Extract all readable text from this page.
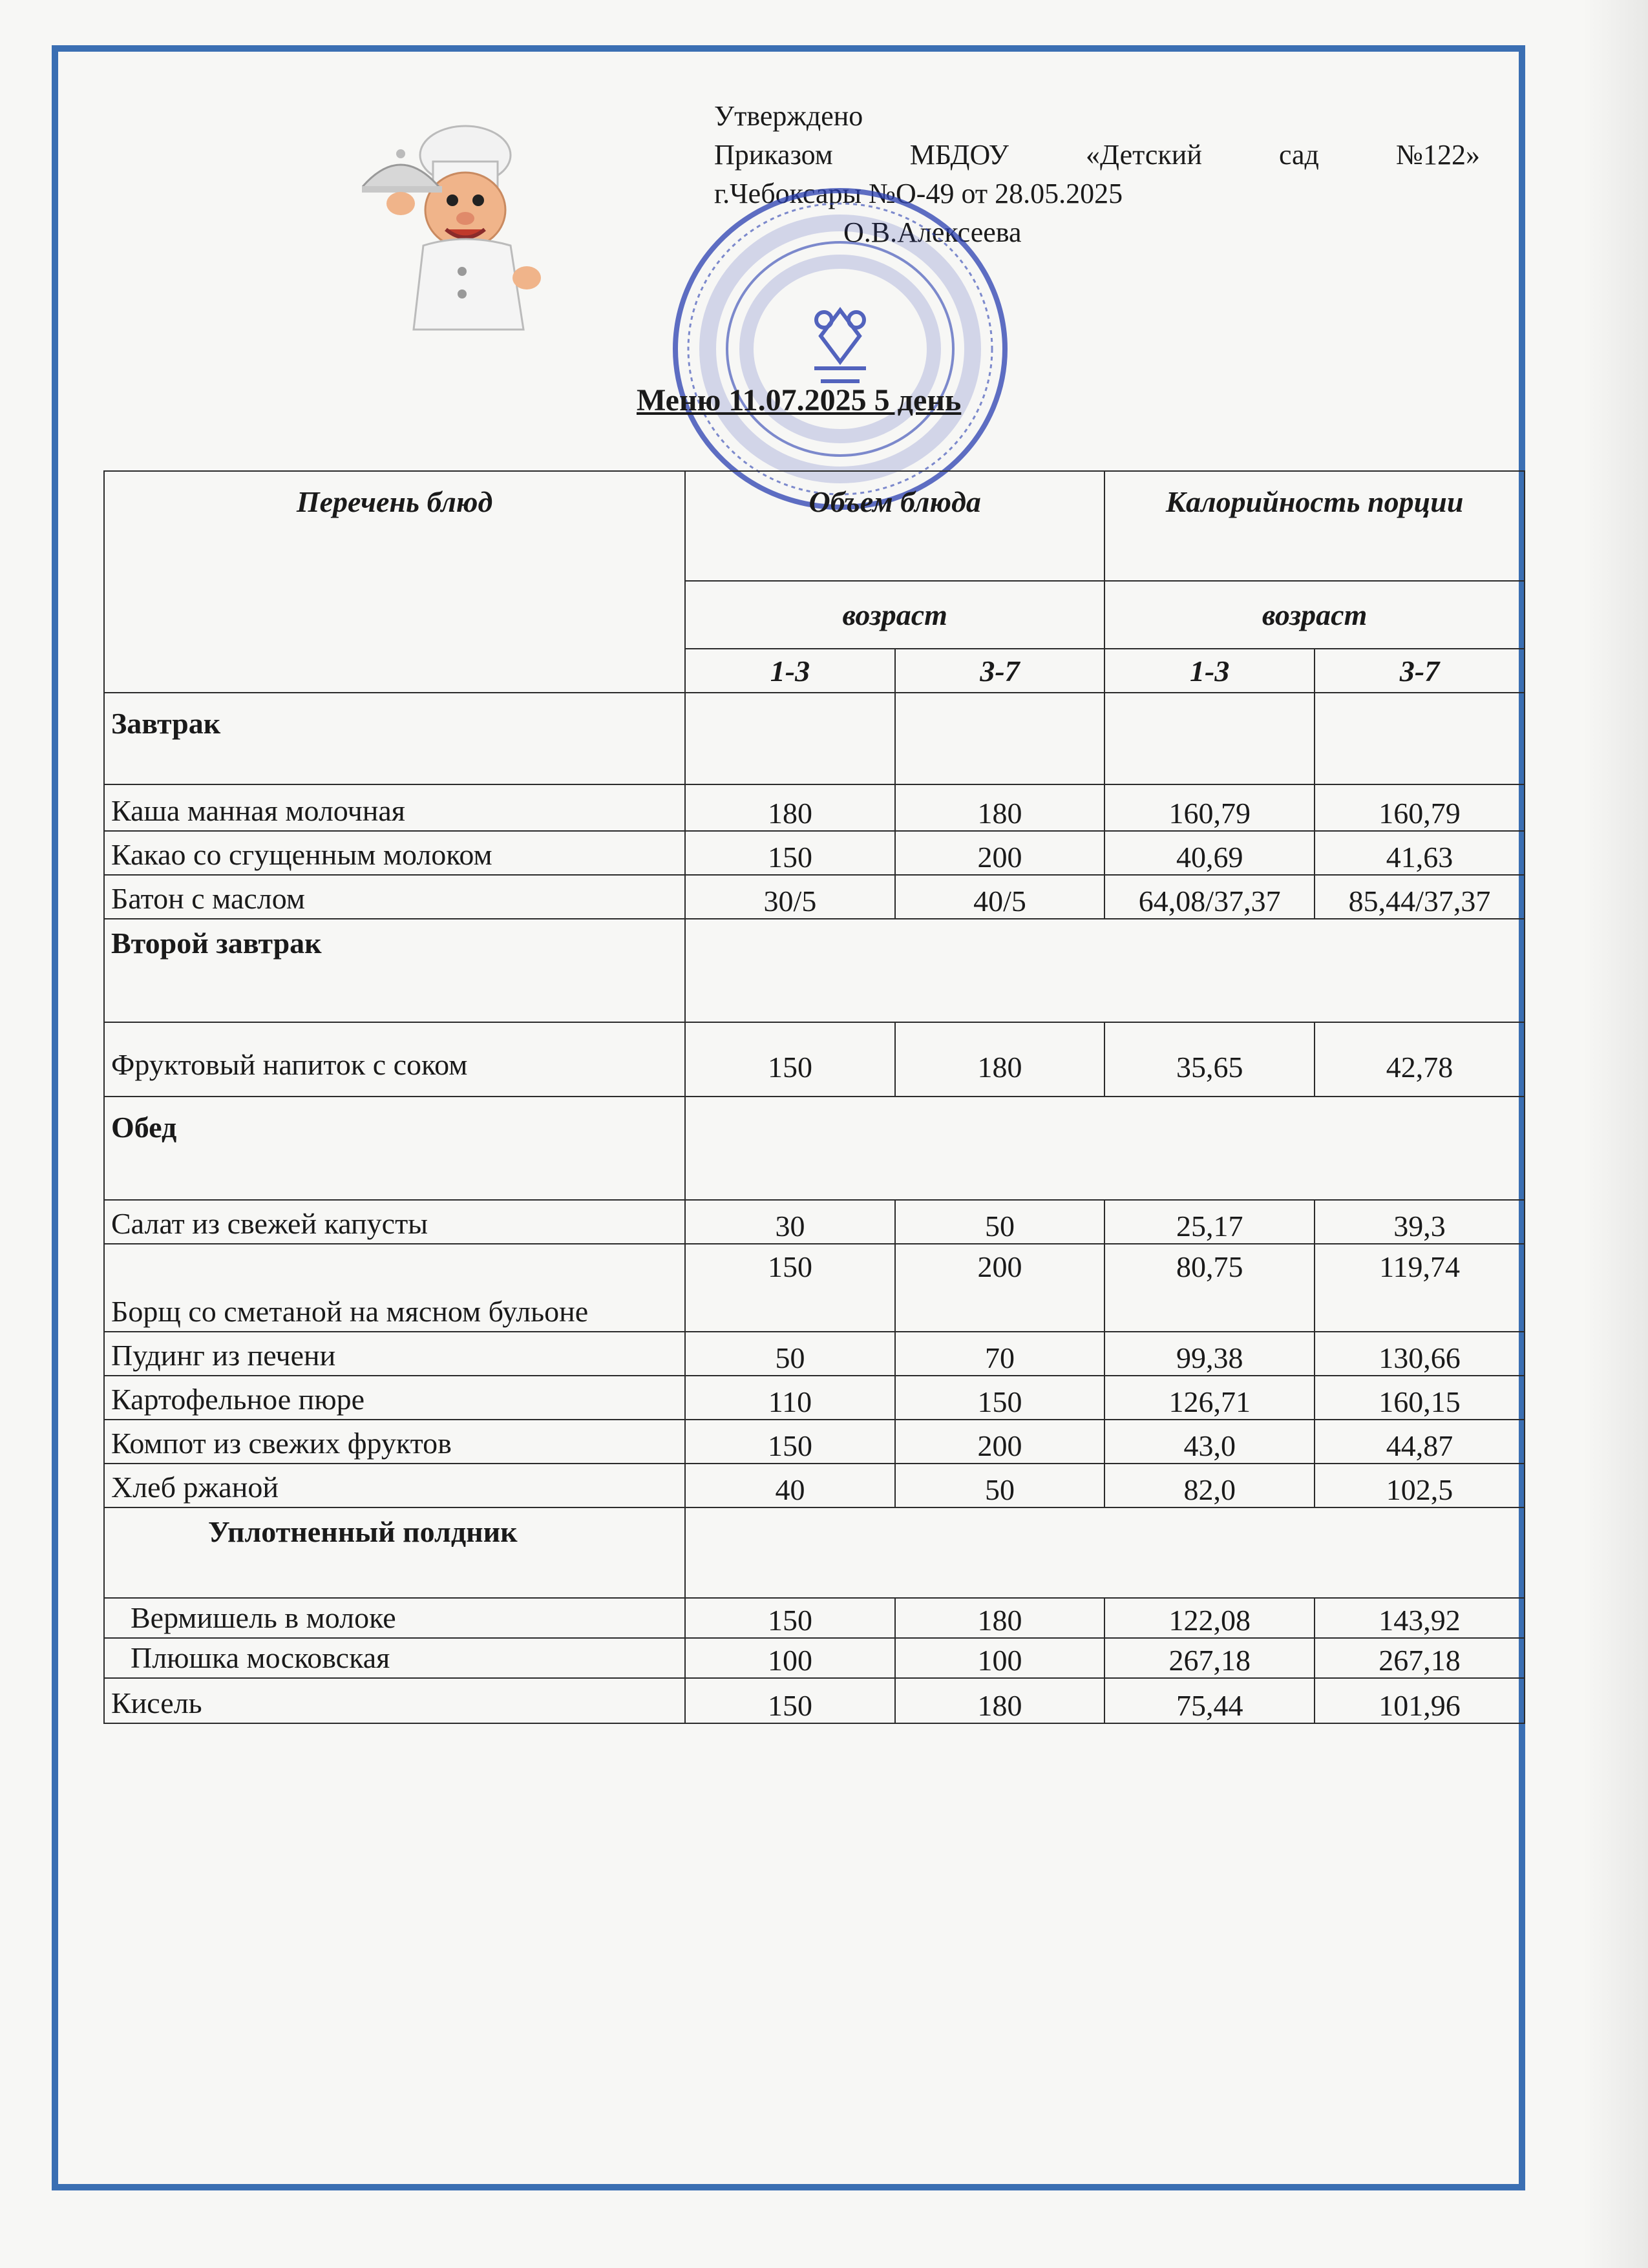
Утверждено
Приказом	МБДОУ	«Детский	сад	№122»
г.Чебоксары №О-49 от 28.05.2025
О.В.Алексеева
Меню 11.07.2025 5 день
Перечень блюд	Объем блюда		Калорийность порции	
	возраст		возраст	
	1-3	3-7	1-3	3-7
Завтрак				
Каша манная молочная	180	180	160,79	160,79
Какао со сгущенным молоком	150	200	40,69	41,63
Батон с маслом	30/5	40/5	64,08/37,37	85,44/37,37
Второй завтрак				
Фруктовый напиток с соком	150	180	35,65	42,78
Обед				
Салат из свежей капусты	30	50	25,17	39,3
Борщ со сметаной на мясном бульоне	150	200	80,75	119,74
Пудинг из печени	50	70	99,38	130,66
Картофельное пюре	110	150	126,71	160,15
Компот из свежих фруктов	150	200	43,0	44,87
Хлеб ржаной	40	50	82,0	102,5
Уплотненный полдник				
Вермишель в молоке	150	180	122,08	143,92
Плюшка московская	100	100	267,18	267,18
Кисель	150	180	75,44	101,96
